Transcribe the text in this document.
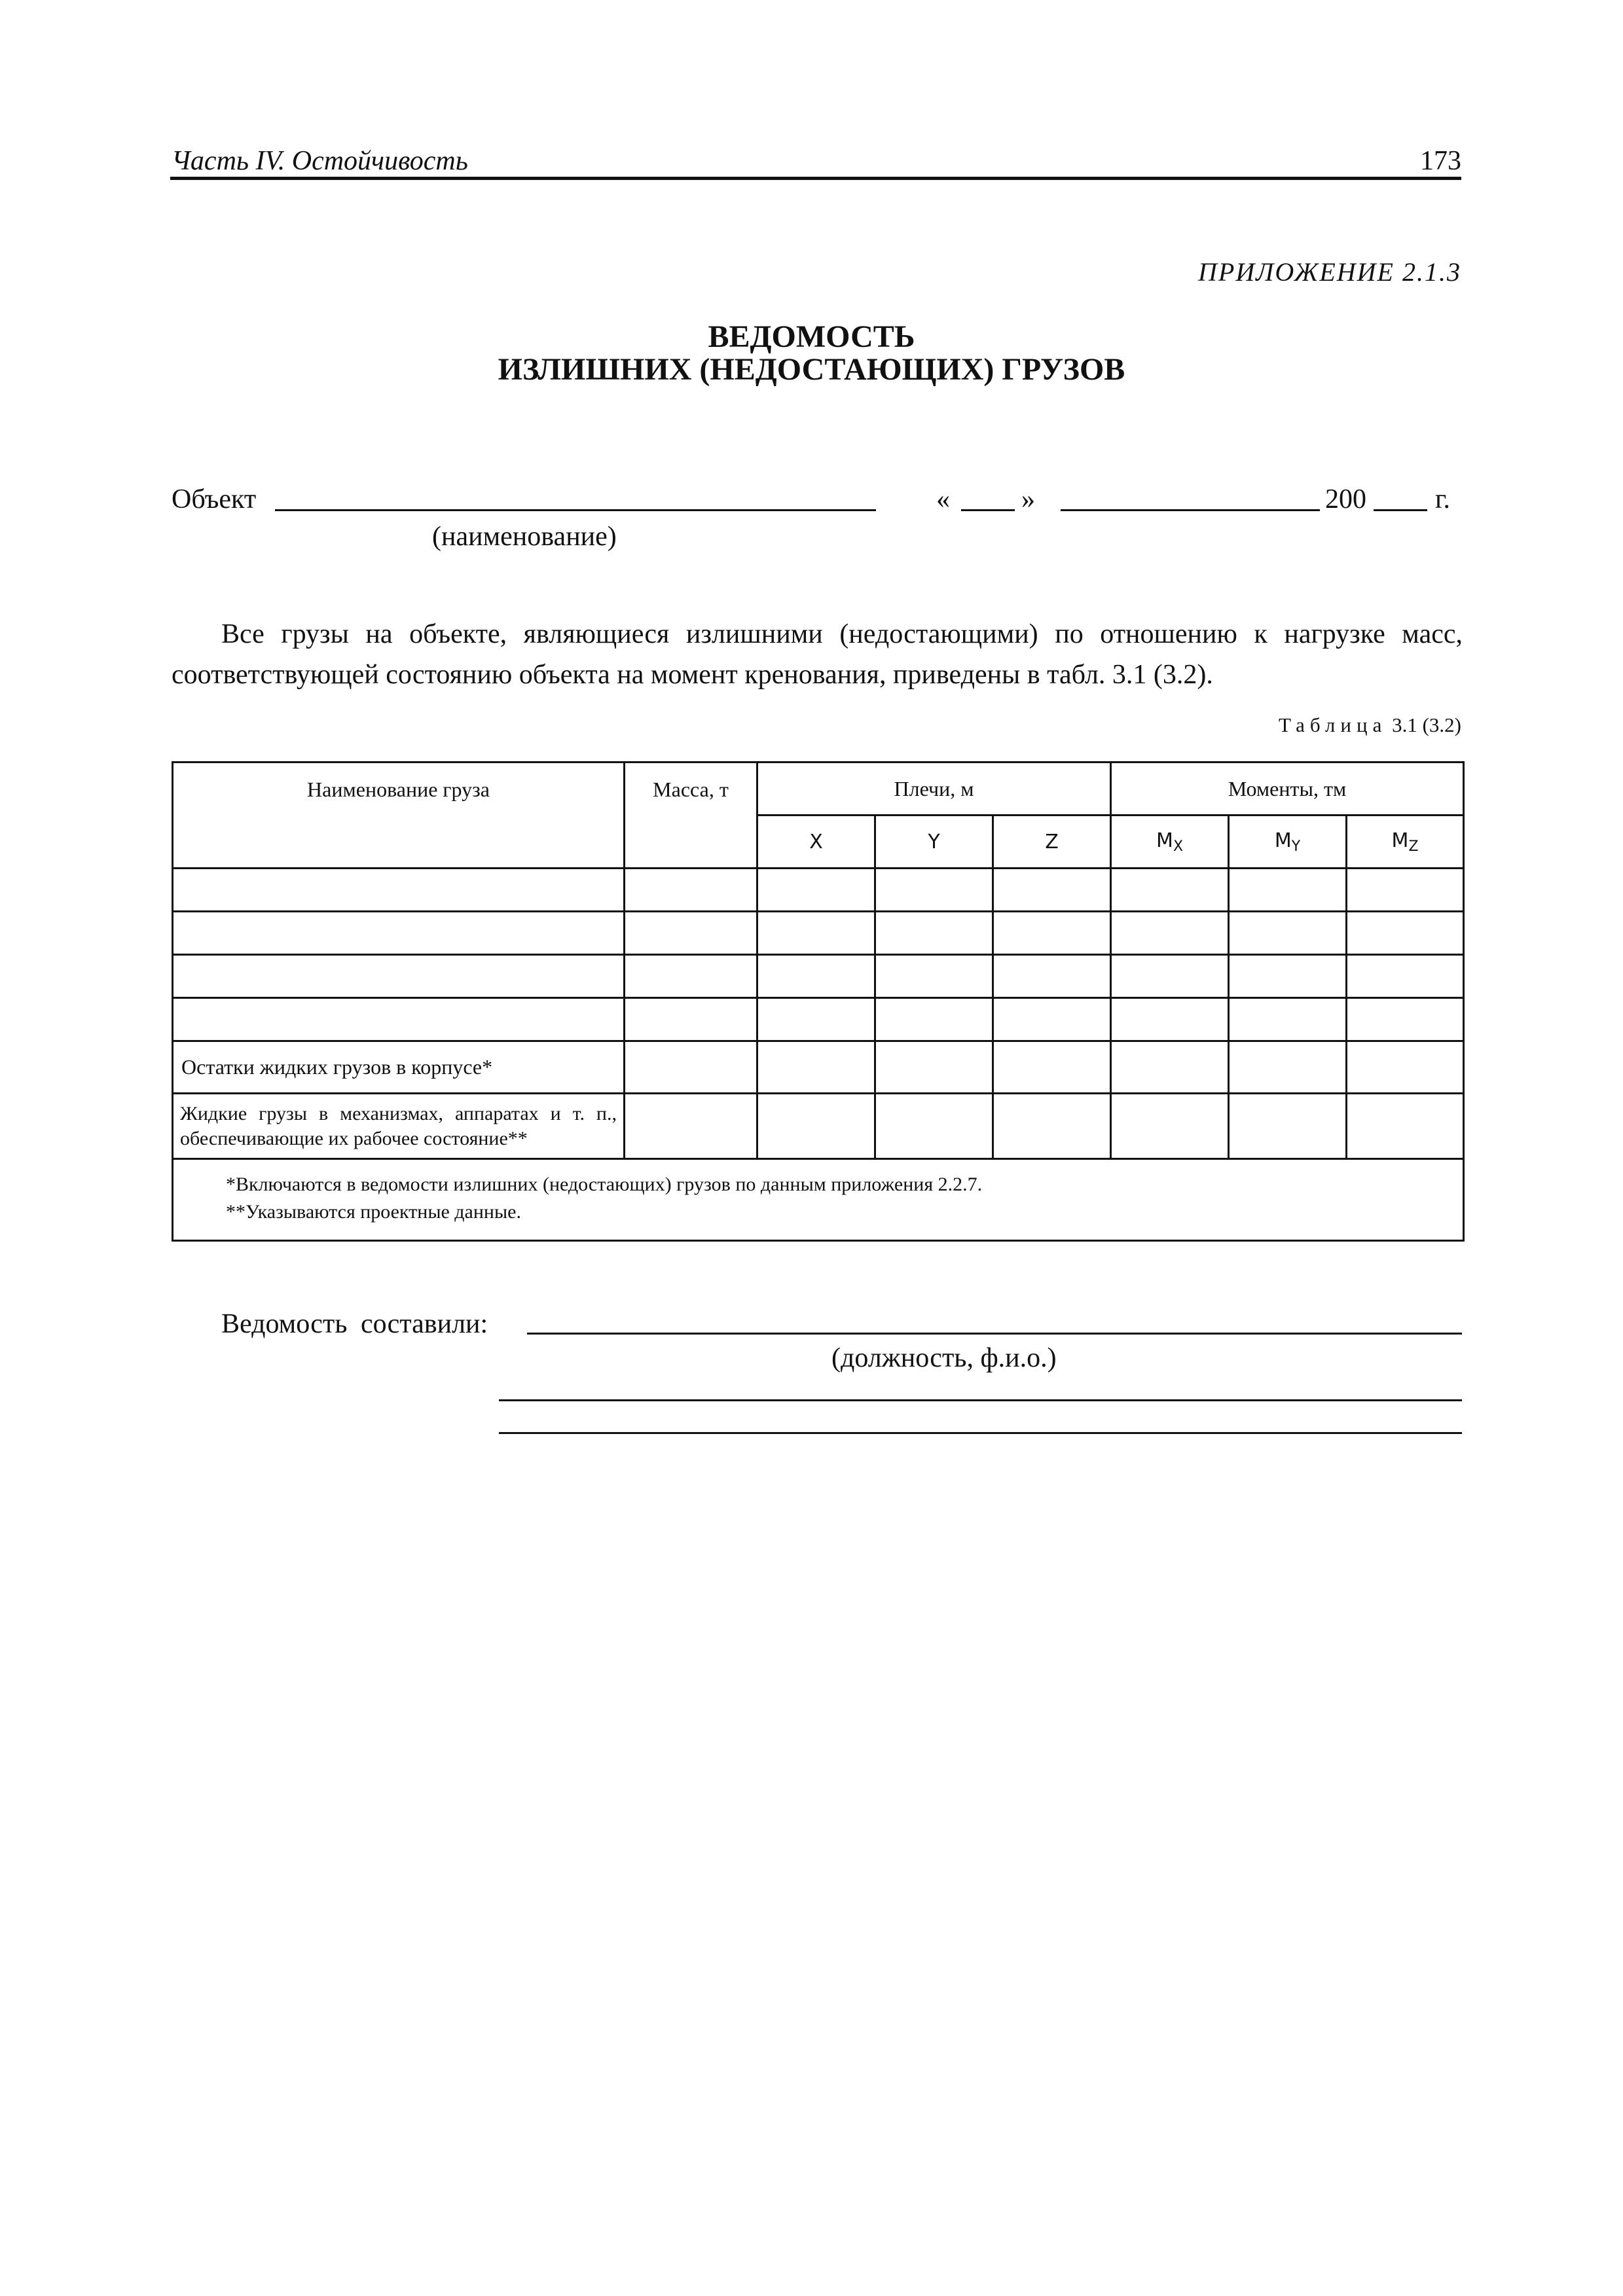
Часть IV. Остойчивость	173
ПРИЛОЖЕНИЕ 2.1.3
ВЕДОМОСТЬ
ИЗЛИШНИХ (НЕДОСТАЮЩИХ) ГРУЗОВ
Объект
(наименование)
«	»	200	г.
Все грузы на объекте, являющиеся излишними (недостающими) по отношению к нагрузке масс, соответствующей состоянию объекта на момент кренования, приведены в табл. 3.1 (3.2).
Таблица 3.1 (3.2)
Наименование груза	Масса, т	Плечи, м			Моменты, тм		
		X	Y	Z	$M_X$	$M_Y$	$M_Z$

Остатки жидких грузов в корпусе*							
Жидкие грузы в механизмах, аппаратах и т. п., обеспечивающие их рабочее состояние**							

*Включаются в ведомости излишних (недостающих) грузов по данным приложения 2.2.7.
**Указываются проектные данные.							
Ведомость составили:
(должность, ф.и.о.)
